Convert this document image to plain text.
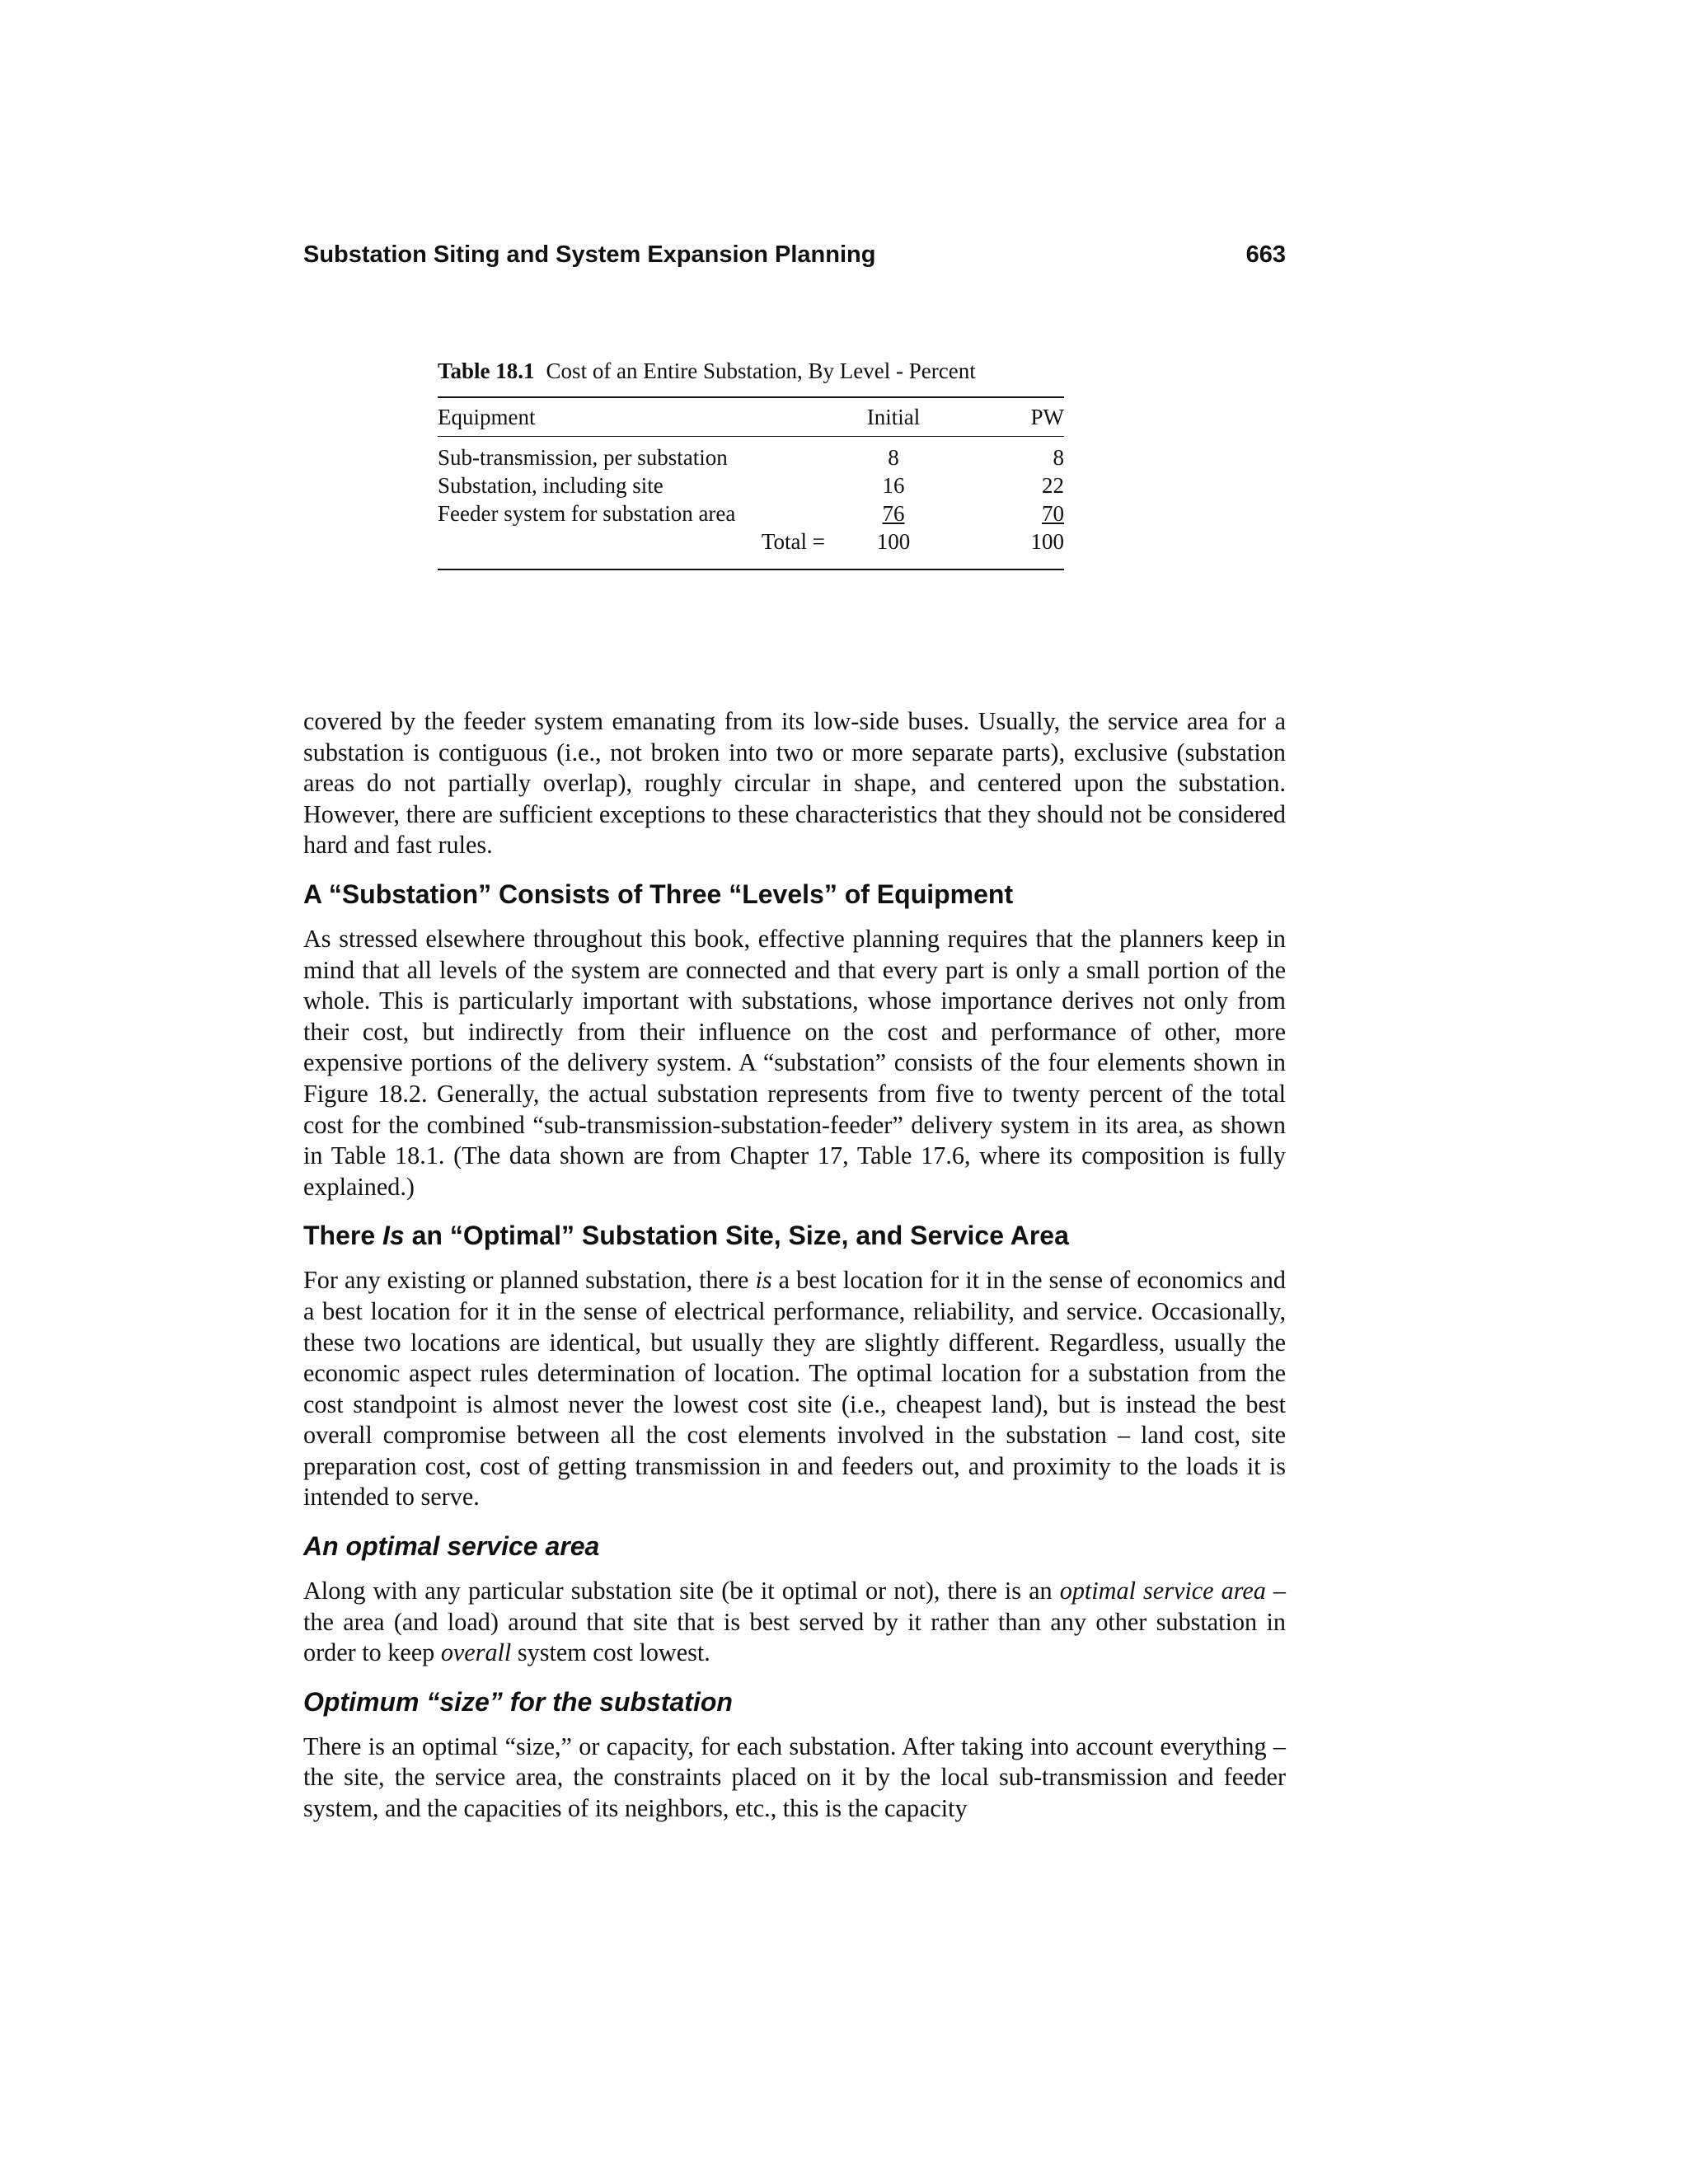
Substation Siting and System Expansion Planning	663
Table 18.1 Cost of an Entire Substation, By Level - Percent
Equipment	Initial	PW
Sub-transmission, per substation	8	8
Substation, including site	16	22
Feeder system for substation area	76	70
Total =	100	100

covered by the feeder system emanating from its low-side buses. Usually, the service area for a substation is contiguous (i.e., not broken into two or more separate parts), exclusive (substation areas do not partially overlap), roughly circular in shape, and centered upon the substation. However, there are sufficient exceptions to these characteristics that they should not be considered hard and fast rules.

A “Substation” Consists of Three “Levels” of Equipment

As stressed elsewhere throughout this book, effective planning requires that the planners keep in mind that all levels of the system are connected and that every part is only a small portion of the whole. This is particularly important with substations, whose importance derives not only from their cost, but indirectly from their influence on the cost and performance of other, more expensive portions of the delivery system. A “substation” consists of the four elements shown in Figure 18.2. Generally, the actual substation represents from five to twenty percent of the total cost for the combined “sub-transmission-substation-feeder” delivery system in its area, as shown in Table 18.1. (The data shown are from Chapter 17, Table 17.6, where its composition is fully explained.)

There Is an “Optimal” Substation Site, Size, and Service Area

For any existing or planned substation, there is a best location for it in the sense of economics and a best location for it in the sense of electrical performance, reliability, and service. Occasionally, these two locations are identical, but usually they are slightly different. Regardless, usually the economic aspect rules determination of location. The optimal location for a substation from the cost standpoint is almost never the lowest cost site (i.e., cheapest land), but is instead the best overall compromise between all the cost elements involved in the substation – land cost, site preparation cost, cost of getting transmission in and feeders out, and proximity to the loads it is intended to serve.

An optimal service area

Along with any particular substation site (be it optimal or not), there is an optimal service area – the area (and load) around that site that is best served by it rather than any other substation in order to keep overall system cost lowest.

Optimum “size” for the substation

There is an optimal “size,” or capacity, for each substation. After taking into account everything – the site, the service area, the constraints placed on it by the local sub-transmission and feeder system, and the capacities of its neighbors, etc., this is the capacity
